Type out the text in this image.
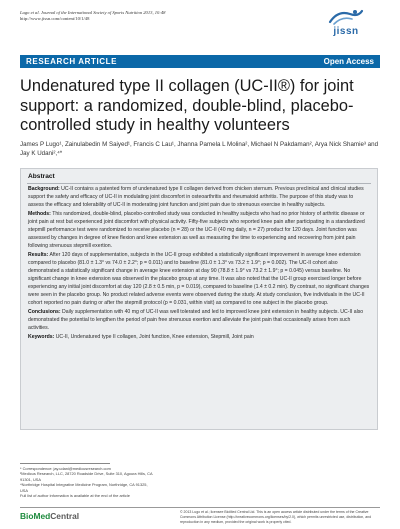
Lugo et al. Journal of the International Society of Sports Nutrition 2013, 10:48
http://www.jissn.com/content/10/1/48
jissn
RESEARCH ARTICLE	Open Access
Undenatured type II collagen (UC-II®) for joint support: a randomized, double-blind, placebo-controlled study in healthy volunteers
James P Lugo¹, Zainulabedin M Saiyed¹, Francis C Lau¹, Jhanna Pamela L Molina², Michael N Pakdaman², Arya Nick Shamie³ and Jay K Udani²,⁴*
Abstract

Background: UC-II contains a patented form of undenatured type II collagen derived from chicken sternum. Previous preclinical and clinical studies support the safety and efficacy of UC-II in modulating joint discomfort in osteoarthritis and rheumatoid arthritis. The purpose of this study was to assess the efficacy and tolerability of UC-II in moderating joint function and joint pain due to strenuous exercise in healthy subjects.

Methods: This randomized, double-blind, placebo-controlled study was conducted in healthy subjects who had no prior history of arthritic disease or joint pain at rest but experienced joint discomfort with physical activity. Fifty-five subjects who reported knee pain after participating in a standardized stepmill performance test were randomized to receive placebo (n = 28) or the UC-II (40 mg daily, n = 27) product for 120 days. Joint function was assessed by changes in degree of knee flexion and knee extension as well as measuring the time to experiencing and recovering from joint pain following strenuous stepmill exertion.

Results: After 120 days of supplementation, subjects in the UC-II group exhibited a statistically significant improvement in average knee extension compared to placebo (81.0 ± 1.3° vs 74.0 ± 2.2°; p = 0.011) and to baseline (81.0 ± 1.3° vs 73.2 ± 1.9°; p = 0.002). The UC-II cohort also demonstrated a statistically significant change in average knee extension at day 90 (78.8 ± 1.9° vs 73.2 ± 1.9°; p = 0.045) versus baseline. No significant change in knee extension was observed in the placebo group at any time. It was also noted that the UC-II group exercised longer before experiencing any initial joint discomfort at day 120 (2.8 ± 0.5 min, p = 0.019), compared to baseline (1.4 ± 0.2 min). By contrast, no significant changes were seen in the placebo group. No product related adverse events were observed during the study. At study conclusion, five individuals in the UC-II cohort reported no pain during or after the stepmill protocol (p = 0.031, within visit) as compared to one subject in the placebo group.

Conclusions: Daily supplementation with 40 mg of UC-II was well tolerated and led to improved knee joint extension in healthy subjects. UC-II also demonstrated the potential to lengthen the period of pain free strenuous exertion and alleviate the joint pain that occasionally arises from such activities.

Keywords: UC-II, Undenatured type II collagen, Joint function, Knee extension, Stepmill, Joint pain

* Correspondence: jay.udani@medicusresearch.com
²Medicus Research, LLC, 28720 Roadside Drive, Suite 310, Agoura Hills, CA
91301, USA
⁴Northridge Hospital Integrative Medicine Program, Northridge, CA 91325,
USA
Full list of author information is available at the end of the article
BioMedCentral	© 2013 Lugo et al.; licensee BioMed Central Ltd. This is an open access article distributed under the terms of the Creative Commons Attribution License (http://creativecommons.org/licenses/by/2.0), which permits unrestricted use, distribution, and reproduction in any medium, provided the original work is properly cited.
